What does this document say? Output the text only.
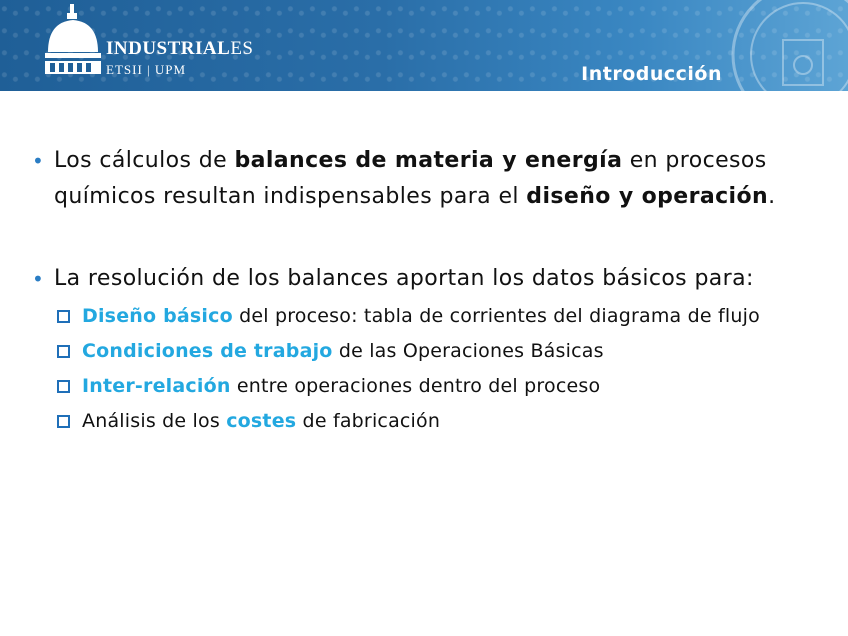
INDUSTRIALES
ETSII | UPM	Introducción
• Los cálculos de balances de materia y energía en procesos químicos resultan indispensables para el diseño y operación.
• La resolución de los balances aportan los datos básicos para:
Diseño básico del proceso: tabla de corrientes del diagrama de flujo
Condiciones de trabajo de las Operaciones Básicas
Inter-relación entre operaciones dentro del proceso
Análisis de los costes de fabricación
